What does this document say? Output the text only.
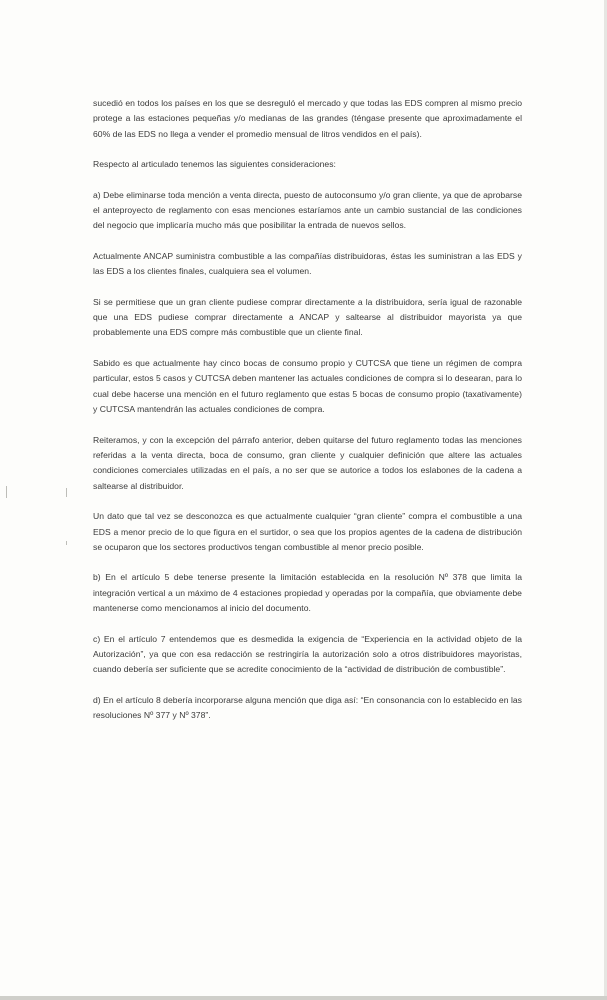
sucedió en todos los países en los que se desreguló el mercado y que todas las EDS compren al mismo precio protege a las estaciones pequeñas y/o medianas de las grandes (téngase presente que aproximadamente el 60% de las EDS no llega a vender el promedio mensual de litros vendidos en el país).

Respecto al articulado tenemos las siguientes consideraciones:

a) Debe eliminarse toda mención a venta directa, puesto de autoconsumo y/o gran cliente, ya que de aprobarse el anteproyecto de reglamento con esas menciones estaríamos ante un cambio sustancial de las condiciones del negocio que implicaría mucho más que posibilitar la entrada de nuevos sellos.

Actualmente ANCAP suministra combustible a las compañías distribuidoras, éstas les suministran a las EDS y las EDS a los clientes finales, cualquiera sea el volumen.

Si se permitiese que un gran cliente pudiese comprar directamente a la distribuidora, sería igual de razonable que una EDS pudiese comprar directamente a ANCAP y saltearse al distribuidor mayorista ya que probablemente una EDS compre más combustible que un cliente final.

Sabido es que actualmente hay cinco bocas de consumo propio y CUTCSA que tiene un régimen de compra particular, estos 5 casos y CUTCSA deben mantener las actuales condiciones de compra si lo desearan, para lo cual debe hacerse una mención en el futuro reglamento que estas 5 bocas de consumo propio (taxativamente) y CUTCSA mantendrán las actuales condiciones de compra.

Reiteramos, y con la excepción del párrafo anterior, deben quitarse del futuro reglamento todas las menciones referidas a la venta directa, boca de consumo, gran cliente y cualquier definición que altere las actuales condiciones comerciales utilizadas en el país, a no ser que se autorice a todos los eslabones de la cadena a saltearse al distribuidor.

Un dato que tal vez se desconozca es que actualmente cualquier “gran cliente” compra el combustible a una EDS a menor precio de lo que figura en el surtidor, o sea que los propios agentes de la cadena de distribución se ocuparon que los sectores productivos tengan combustible al menor precio posible.

b) En el artículo 5 debe tenerse presente la limitación establecida en la resolución Nº 378 que limita la integración vertical a un máximo de 4 estaciones propiedad y operadas por la compañía, que obviamente debe mantenerse como mencionamos al inicio del documento.

c) En el artículo 7 entendemos que es desmedida la exigencia de “Experiencia en la actividad objeto de la Autorización”, ya que con esa redacción se restringiría la autorización solo a otros distribuidores mayoristas, cuando debería ser suficiente que se acredite conocimiento de la “actividad de distribución de combustible”.

d) En el artículo 8 debería incorporarse alguna mención que diga así: “En consonancia con lo establecido en las resoluciones Nº 377 y Nº 378”.
